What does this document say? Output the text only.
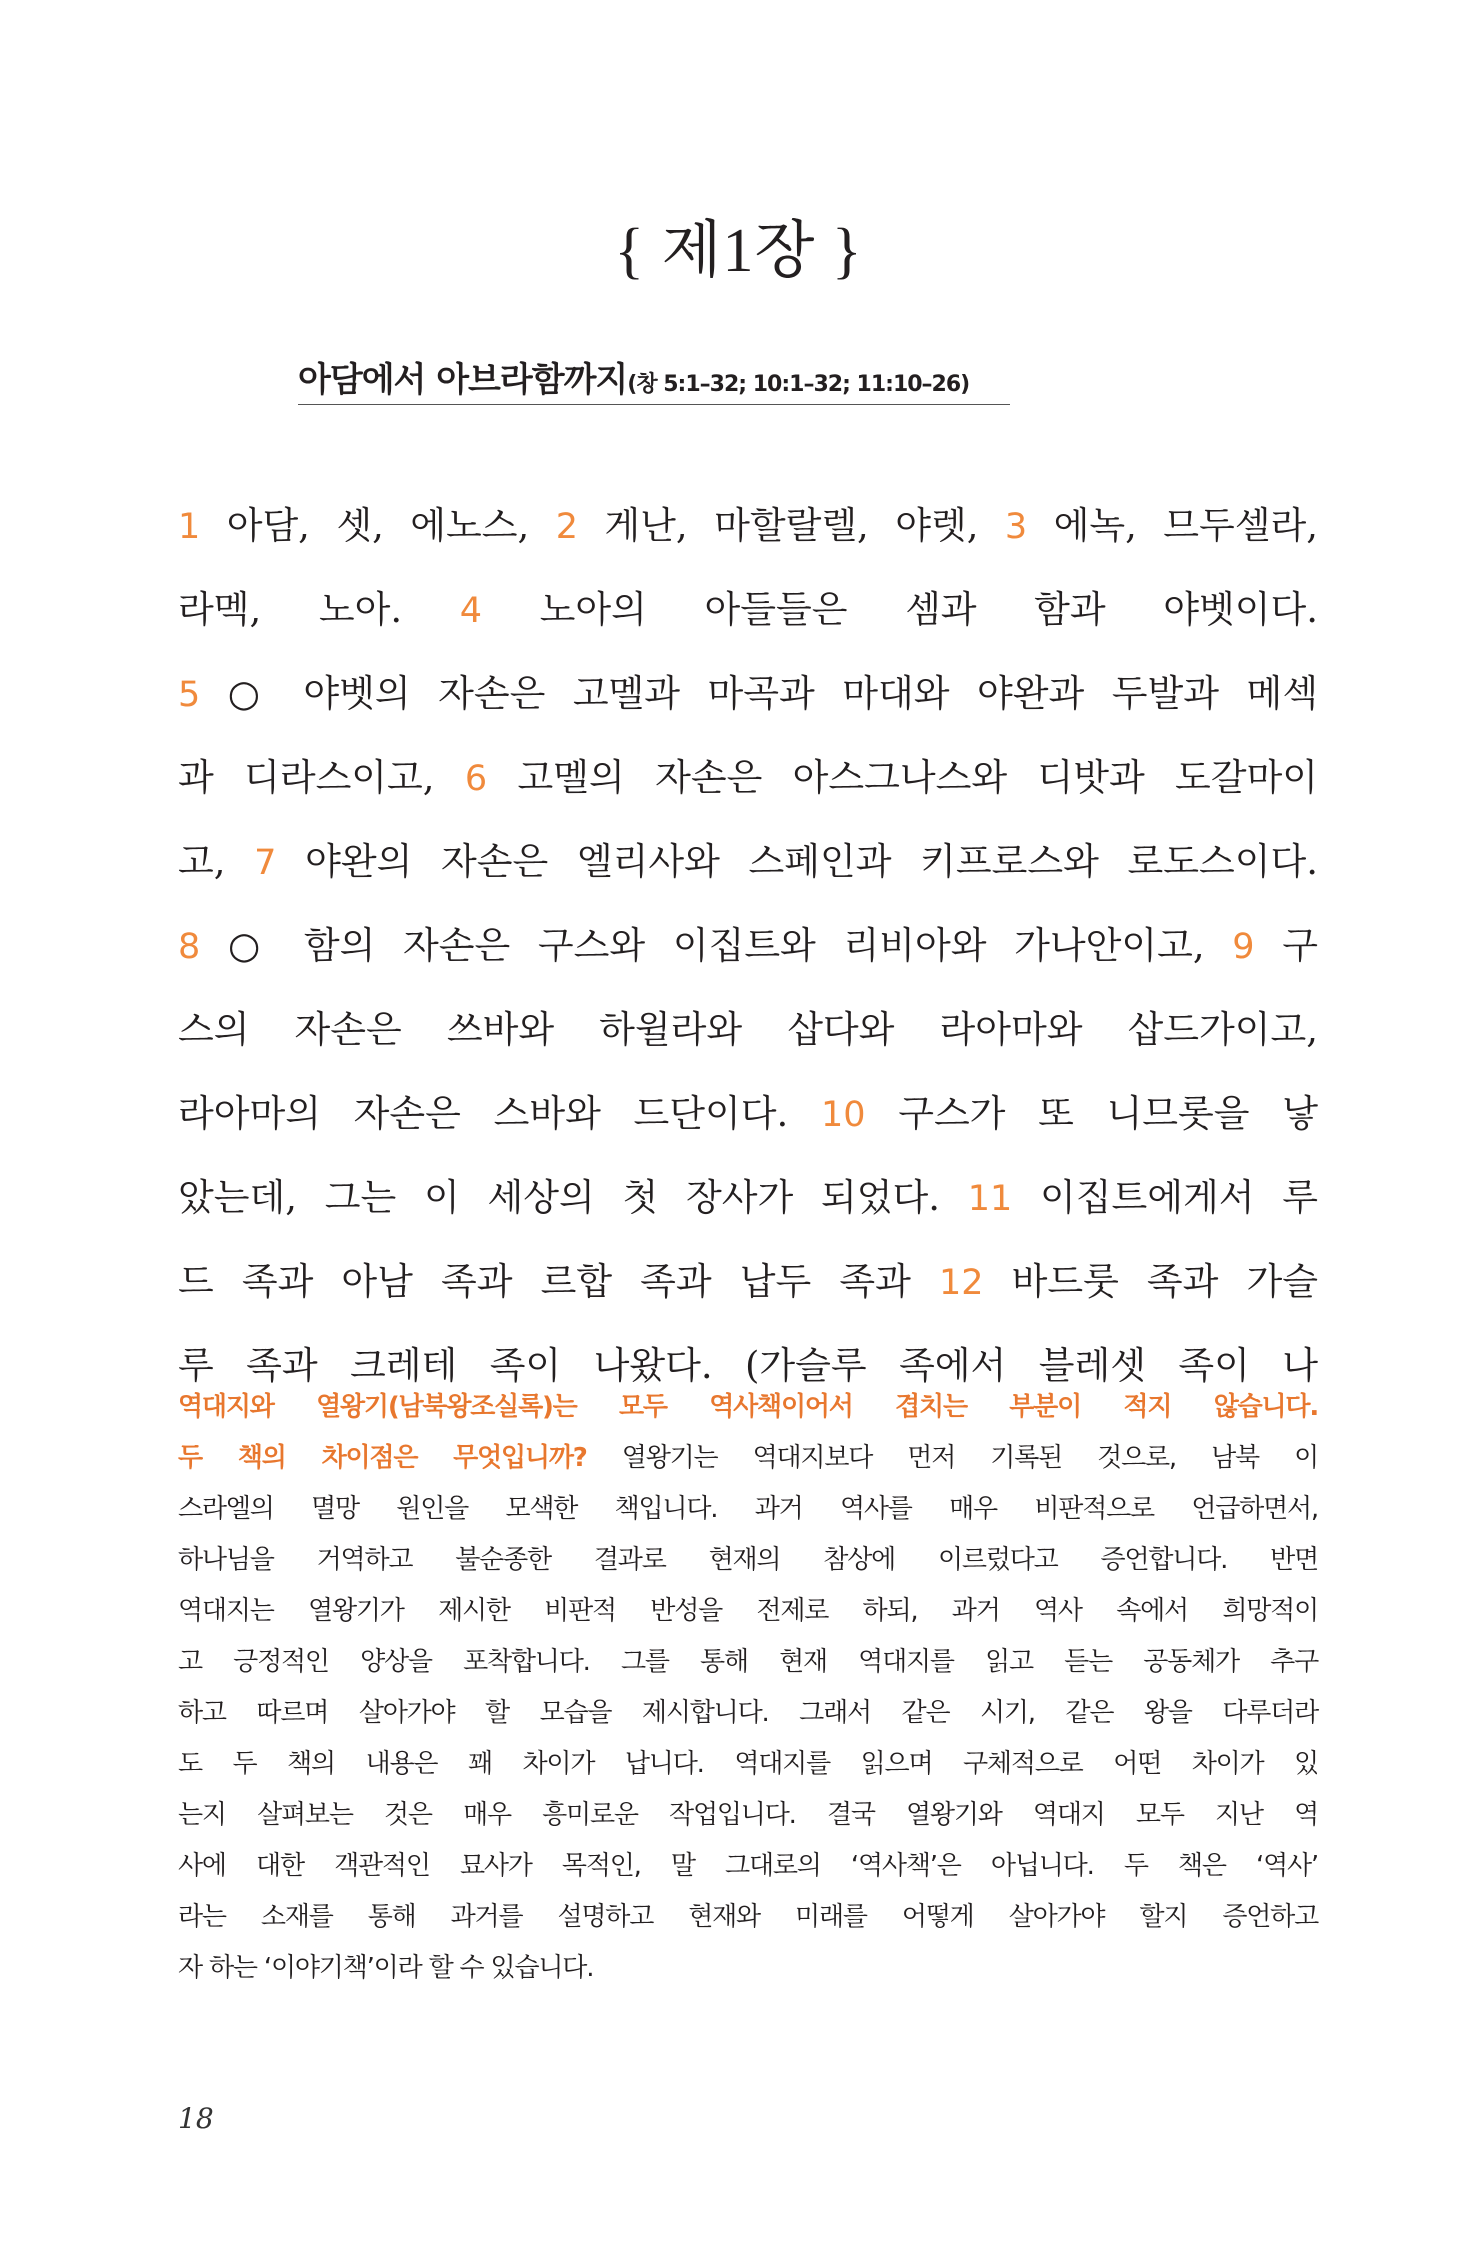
{ 제1장 }
아담에서 아브라함까지(창 5:1–32; 10:1–32; 11:10–26)
1 아담, 셋, 에노스, 2 게난, 마할랄렐, 야렛, 3 에녹, 므두셀라,
라멕, 노아. 4 노아의 아들들은 셈과 함과 야벳이다.
5 ○ 야벳의 자손은 고멜과 마곡과 마대와 야완과 두발과 메섹
과 디라스이고, 6 고멜의 자손은 아스그나스와 디밧과 도갈마이
고, 7 야완의 자손은 엘리사와 스페인과 키프로스와 로도스이다.
8 ○ 함의 자손은 구스와 이집트와 리비아와 가나안이고, 9 구
스의 자손은 쓰바와 하윌라와 삽다와 라아마와 삽드가이고,
라아마의 자손은 스바와 드단이다. 10 구스가 또 니므롯을 낳
았는데, 그는 이 세상의 첫 장사가 되었다. 11 이집트에게서 루
드 족과 아남 족과 르합 족과 납두 족과 12 바드룻 족과 가슬
루 족과 크레테 족이 나왔다. (가슬루 족에서 블레셋 족이 나
역대지와 열왕기(남북왕조실록)는 모두 역사책이어서 겹치는 부분이 적지 않습니다.
두 책의 차이점은 무엇입니까? 열왕기는 역대지보다 먼저 기록된 것으로, 남북 이
스라엘의 멸망 원인을 모색한 책입니다. 과거 역사를 매우 비판적으로 언급하면서,
하나님을 거역하고 불순종한 결과로 현재의 참상에 이르렀다고 증언합니다. 반면
역대지는 열왕기가 제시한 비판적 반성을 전제로 하되, 과거 역사 속에서 희망적이
고 긍정적인 양상을 포착합니다. 그를 통해 현재 역대지를 읽고 듣는 공동체가 추구
하고 따르며 살아가야 할 모습을 제시합니다. 그래서 같은 시기, 같은 왕을 다루더라
도 두 책의 내용은 꽤 차이가 납니다. 역대지를 읽으며 구체적으로 어떤 차이가 있
는지 살펴보는 것은 매우 흥미로운 작업입니다. 결국 열왕기와 역대지 모두 지난 역
사에 대한 객관적인 묘사가 목적인, 말 그대로의 ‘역사책’은 아닙니다. 두 책은 ‘역사’
라는 소재를 통해 과거를 설명하고 현재와 미래를 어떻게 살아가야 할지 증언하고
자 하는 ‘이야기책’이라 할 수 있습니다.

18
